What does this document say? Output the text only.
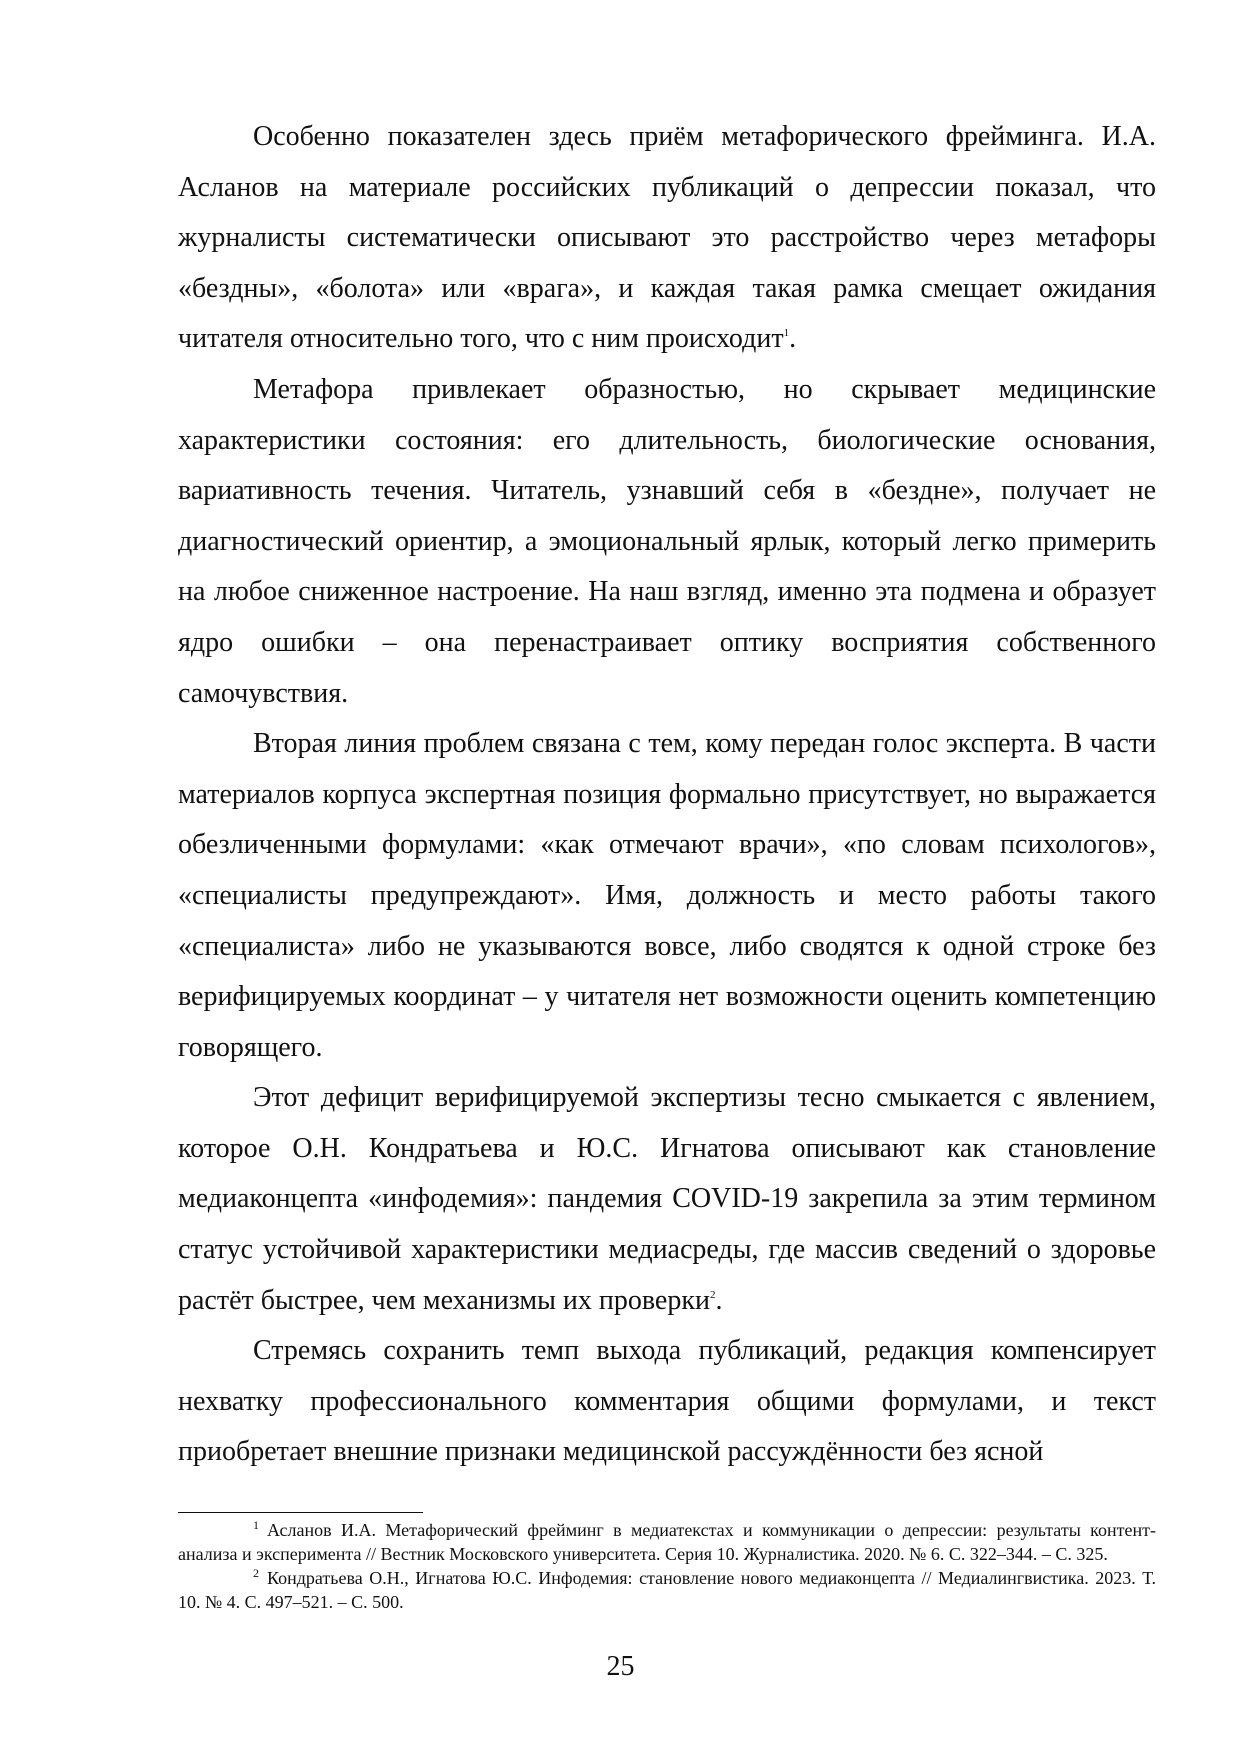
Особенно показателен здесь приём метафорического фрейминга. И.А. Асланов на материале российских публикаций о депрессии показал, что журналисты систематически описывают это расстройство через метафоры «бездны», «болота» или «врага», и каждая такая рамка смещает ожидания читателя относительно того, что с ним происходит$^1$.

Метафора привлекает образностью, но скрывает медицинские характеристики состояния: его длительность, биологические основания, вариативность течения. Читатель, узнавший себя в «бездне», получает не диагностический ориентир, а эмоциональный ярлык, который легко примерить на любое сниженное настроение. На наш взгляд, именно эта подмена и образует ядро ошибки – она перенастраивает оптику восприятия собственного самочувствия.

Вторая линия проблем связана с тем, кому передан голос эксперта. В части материалов корпуса экспертная позиция формально присутствует, но выражается обезличенными формулами: «как отмечают врачи», «по словам психологов», «специалисты предупреждают». Имя, должность и место работы такого «специалиста» либо не указываются вовсе, либо сводятся к одной строке без верифицируемых координат – у читателя нет возможности оценить компетенцию говорящего.

Этот дефицит верифицируемой экспертизы тесно смыкается с явлением, которое О.Н. Кондратьева и Ю.С. Игнатова описывают как становление медиаконцепта «инфодемия»: пандемия COVID-19 закрепила за этим термином статус устойчивой характеристики медиасреды, где массив сведений о здоровье растёт быстрее, чем механизмы их проверки$^2$.

Стремясь сохранить темп выхода публикаций, редакция компенсирует нехватку профессионального комментария общими формулами, и текст приобретает внешние признаки медицинской рассуждённости без ясной

$^1$ Асланов И.А. Метафорический фрейминг в медиатекстах и коммуникации о депрессии: результаты контент-анализа и эксперимента // Вестник Московского университета. Серия 10. Журналистика. 2020. № 6. С. 322–344. – С. 325.

$^2$ Кондратьева О.Н., Игнатова Ю.С. Инфодемия: становление нового медиаконцепта // Медиалингвистика. 2023. Т. 10. № 4. С. 497–521. – С. 500.

25
